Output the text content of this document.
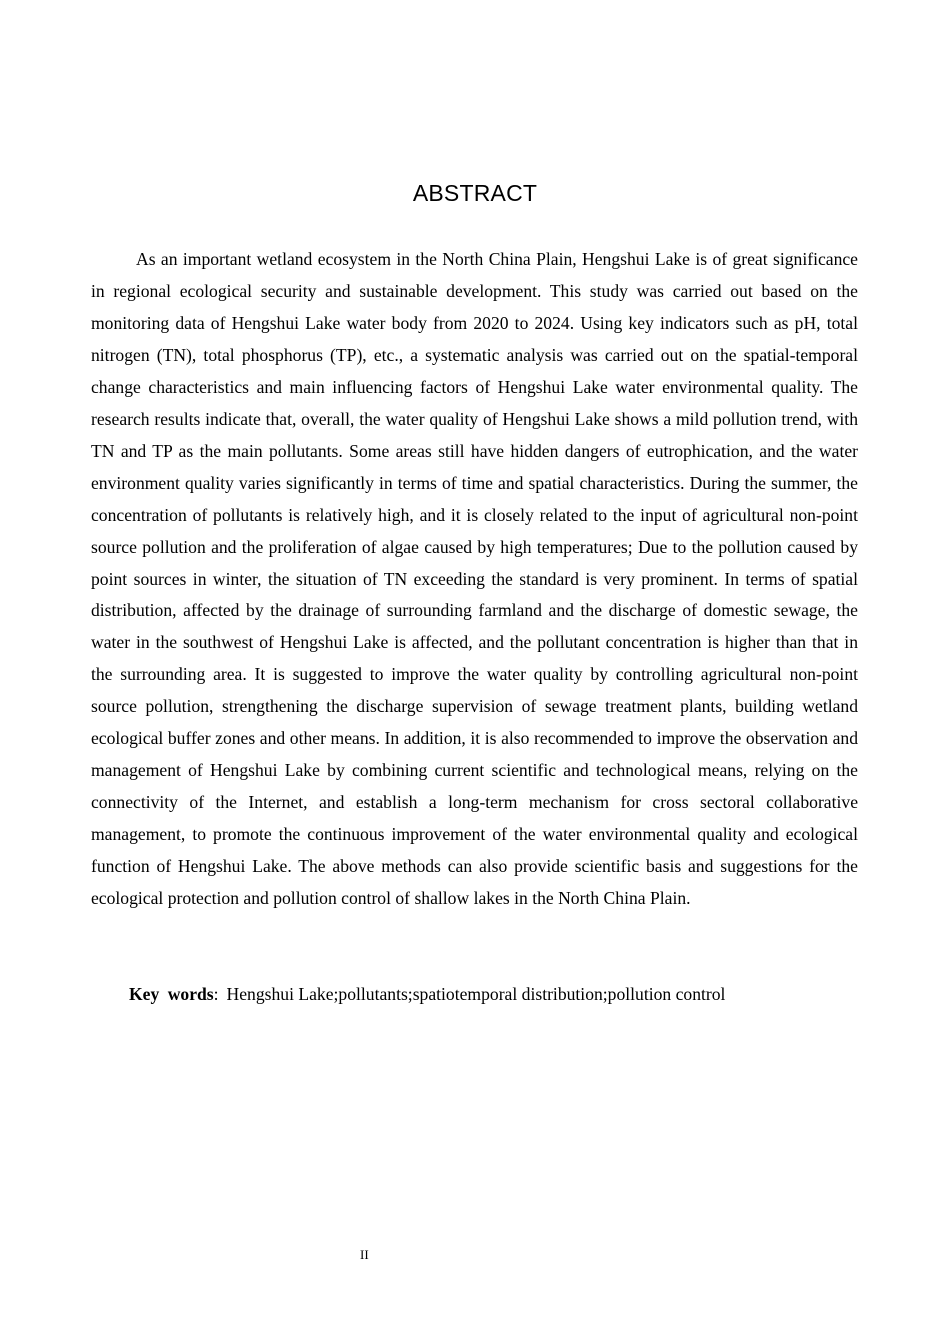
ABSTRACT

As an important wetland ecosystem in the North China Plain, Hengshui Lake is of great significance in regional ecological security and sustainable development. This study was carried out based on the monitoring data of Hengshui Lake water body from 2020 to 2024. Using key indicators such as pH, total nitrogen (TN), total phosphorus (TP), etc., a systematic analysis was carried out on the spatial-temporal change characteristics and main influencing factors of Hengshui Lake water environmental quality. The research results indicate that, overall, the water quality of Hengshui Lake shows a mild pollution trend, with TN and TP as the main pollutants. Some areas still have hidden dangers of eutrophication, and the water environment quality varies significantly in terms of time and spatial characteristics. During the summer, the concentration of pollutants is relatively high, and it is closely related to the input of agricultural non-point source pollution and the proliferation of algae caused by high temperatures; Due to the pollution caused by point sources in winter, the situation of TN exceeding the standard is very prominent. In terms of spatial distribution, affected by the drainage of surrounding farmland and the discharge of domestic sewage, the water in the southwest of Hengshui Lake is affected, and the pollutant concentration is higher than that in the surrounding area. It is suggested to improve the water quality by controlling agricultural non-point source pollution, strengthening the discharge supervision of sewage treatment plants, building wetland ecological buffer zones and other means. In addition, it is also recommended to improve the observation and management of Hengshui Lake by combining current scientific and technological means, relying on the connectivity of the Internet, and establish a long-term mechanism for cross sectoral collaborative management, to promote the continuous improvement of the water environmental quality and ecological function of Hengshui Lake. The above methods can also provide scientific basis and suggestions for the ecological protection and pollution control of shallow lakes in the North China Plain.

Key words: Hengshui Lake;pollutants;spatiotemporal distribution;pollution control

II
